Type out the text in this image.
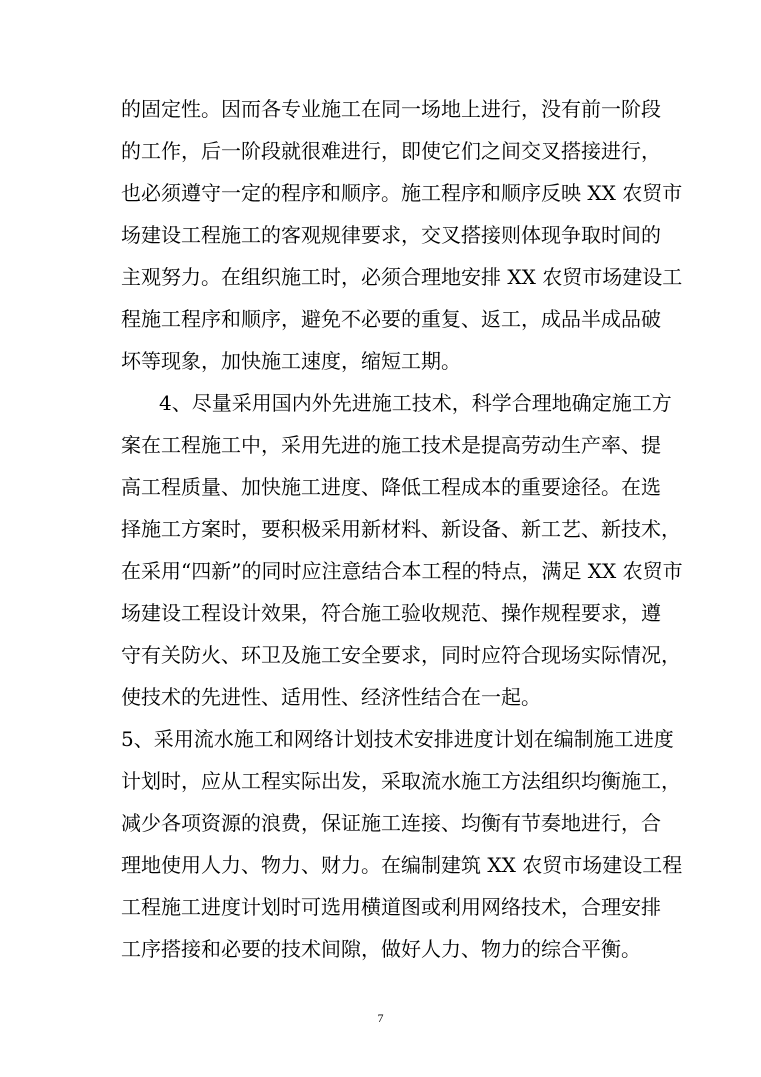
的固定性。因而各专业施工在同一场地上进行，没有前一阶段
的工作，后一阶段就很难进行，即使它们之间交叉搭接进行，
也必须遵守一定的程序和顺序。施工程序和顺序反映 XX 农贸市
场建设工程施工的客观规律要求，交叉搭接则体现争取时间的
主观努力。在组织施工时，必须合理地安排 XX 农贸市场建设工
程施工程序和顺序，避免不必要的重复、返工，成品半成品破
坏等现象，加快施工速度，缩短工期。
4、尽量采用国内外先进施工技术，科学合理地确定施工方
案在工程施工中，采用先进的施工技术是提高劳动生产率、提
高工程质量、加快施工进度、降低工程成本的重要途径。在选
择施工方案时，要积极采用新材料、新设备、新工艺、新技术，
在采用“四新”的同时应注意结合本工程的特点，满足 XX 农贸市
场建设工程设计效果，符合施工验收规范、操作规程要求，遵
守有关防火、环卫及施工安全要求，同时应符合现场实际情况，
使技术的先进性、适用性、经济性结合在一起。
5、采用流水施工和网络计划技术安排进度计划在编制施工进度
计划时，应从工程实际出发，采取流水施工方法组织均衡施工，
减少各项资源的浪费，保证施工连接、均衡有节奏地进行，合
理地使用人力、物力、财力。在编制建筑 XX 农贸市场建设工程
工程施工进度计划时可选用横道图或利用网络技术，合理安排
工序搭接和必要的技术间隙，做好人力、物力的综合平衡。
7
